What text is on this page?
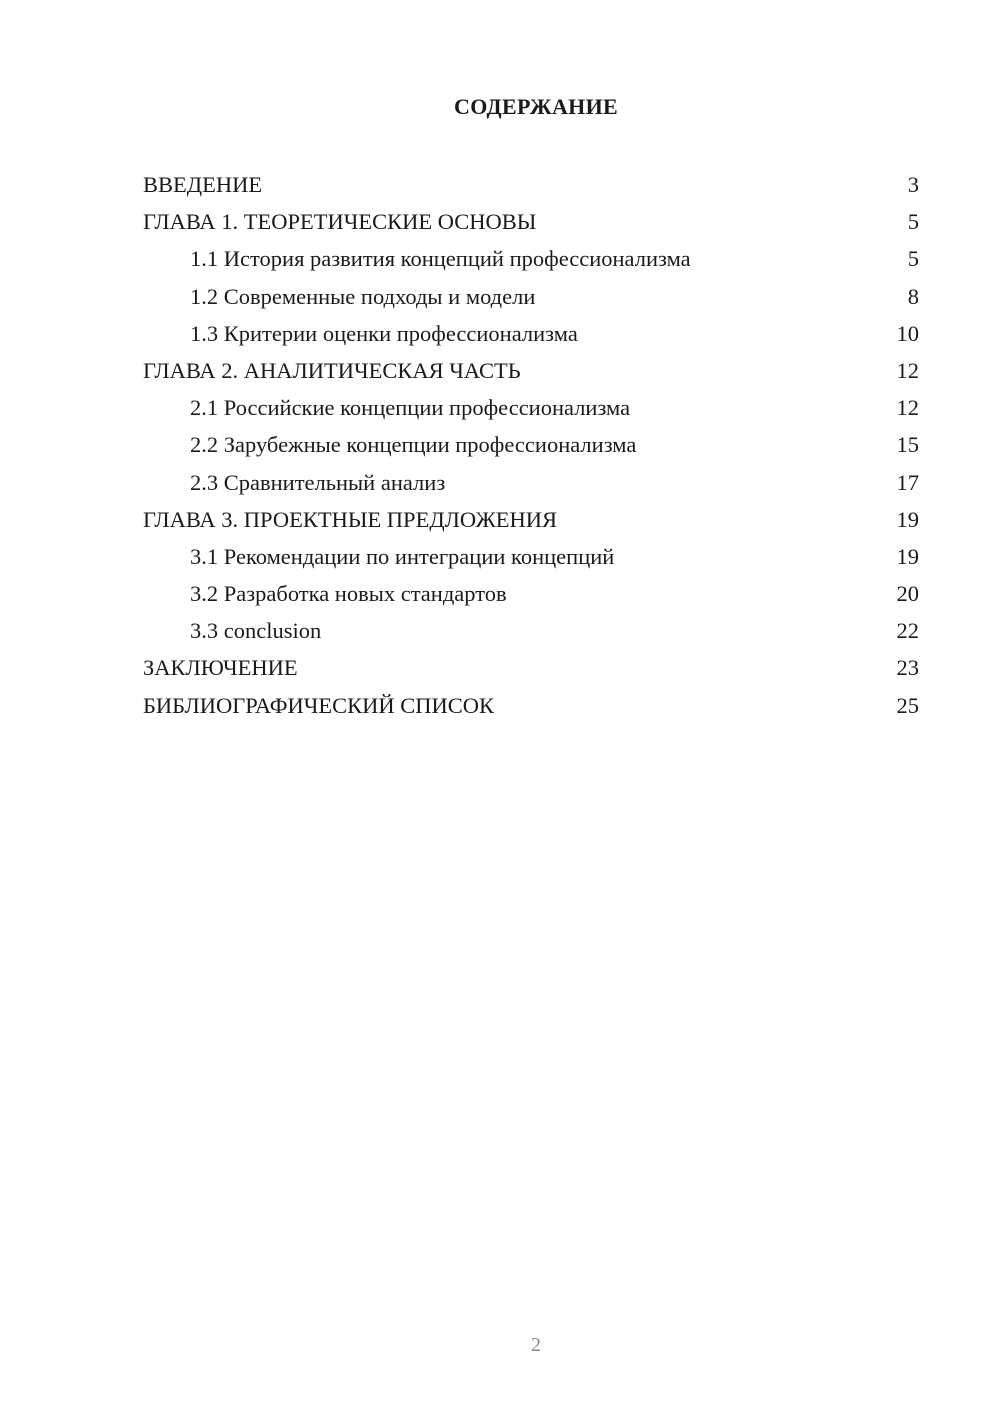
СОДЕРЖАНИЕ
ВВЕДЕНИЕ	3
ГЛАВА 1. ТЕОРЕТИЧЕСКИЕ ОСНОВЫ	5
1.1 История развития концепций профессионализма	5
1.2 Современные подходы и модели	8
1.3 Критерии оценки профессионализма	10
ГЛАВА 2. АНАЛИТИЧЕСКАЯ ЧАСТЬ	12
2.1 Российские концепции профессионализма	12
2.2 Зарубежные концепции профессионализма	15
2.3 Сравнительный анализ	17
ГЛАВА 3. ПРОЕКТНЫЕ ПРЕДЛОЖЕНИЯ	19
3.1 Рекомендации по интеграции концепций	19
3.2 Разработка новых стандартов	20
3.3 conclusion	22
ЗАКЛЮЧЕНИЕ	23
БИБЛИОГРАФИЧЕСКИЙ СПИСОК	25
2
